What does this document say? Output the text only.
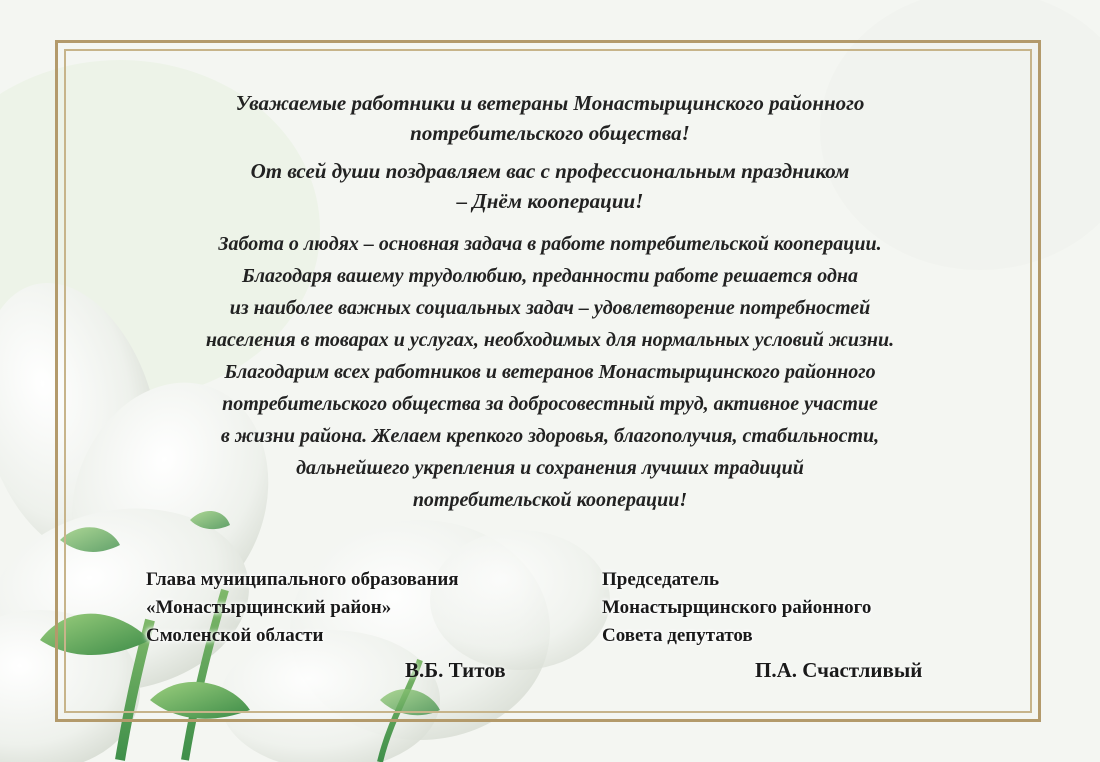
Уважаемые работники и ветераны Монастырщинского районного
потребительского общества!

От всей души поздравляем вас с профессиональным праздником
– Днём кооперации!

Забота о людях – основная задача в работе потребительской кооперации.
Благодаря вашему трудолюбию, преданности работе решается одна
из наиболее важных социальных задач – удовлетворение потребностей
населения в товарах и услугах, необходимых для нормальных условий жизни.
Благодарим всех работников и ветеранов Монастырщинского районного
потребительского общества за добросовестный труд, активное участие
в жизни района. Желаем крепкого здоровья, благополучия, стабильности,
дальнейшего укрепления и сохранения лучших традиций
потребительской кооперации!

Глава муниципального образования
«Монастырщинский район»
Смоленской области
В.Б. Титов
Председатель
Монастырщинского районного
Совета депутатов
П.А. Счастливый
